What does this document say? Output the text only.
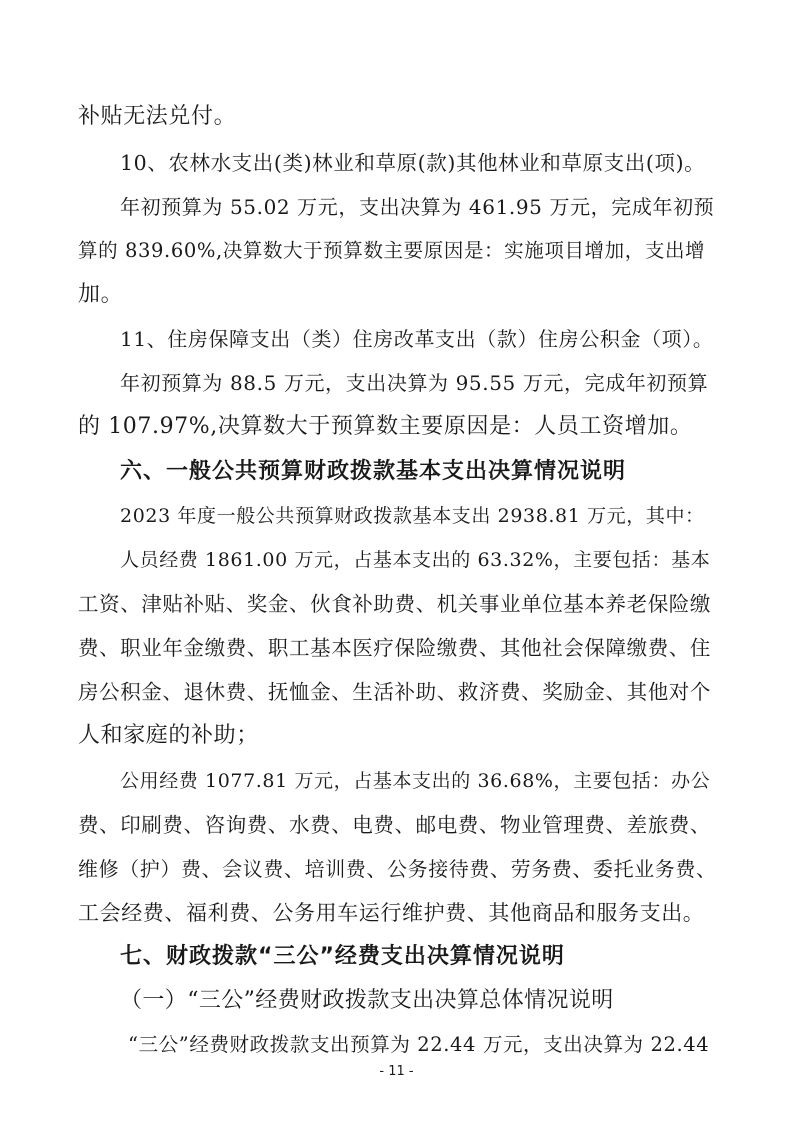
补贴无法兑付。
10、农林水支出(类)林业和草原(款)其他林业和草原支出(项)。
年初预算为 55.02 万元，支出决算为 461.95 万元，完成年初预
算的 839.60%,决算数大于预算数主要原因是：实施项目增加，支出增
加。
11、住房保障支出（类）住房改革支出（款）住房公积金（项）。
年初预算为 88.5 万元，支出决算为 95.55 万元，完成年初预算
的 107.97%,决算数大于预算数主要原因是：人员工资增加。
六、一般公共预算财政拨款基本支出决算情况说明
2023 年度一般公共预算财政拨款基本支出 2938.81 万元，其中：
人员经费 1861.00 万元，占基本支出的 63.32%，主要包括：基本
工资、津贴补贴、奖金、伙食补助费、机关事业单位基本养老保险缴
费、职业年金缴费、职工基本医疗保险缴费、其他社会保障缴费、住
房公积金、退休费、抚恤金、生活补助、救济费、奖励金、其他对个
人和家庭的补助；
公用经费 1077.81 万元，占基本支出的 36.68%，主要包括：办公
费、印刷费、咨询费、水费、电费、邮电费、物业管理费、差旅费、
维修（护）费、会议费、培训费、公务接待费、劳务费、委托业务费、
工会经费、福利费、公务用车运行维护费、其他商品和服务支出。
七、财政拨款“三公”经费支出决算情况说明
（一）“三公”经费财政拨款支出决算总体情况说明
“三公”经费财政拨款支出预算为 22.44 万元，支出决算为 22.44
- 11 -
